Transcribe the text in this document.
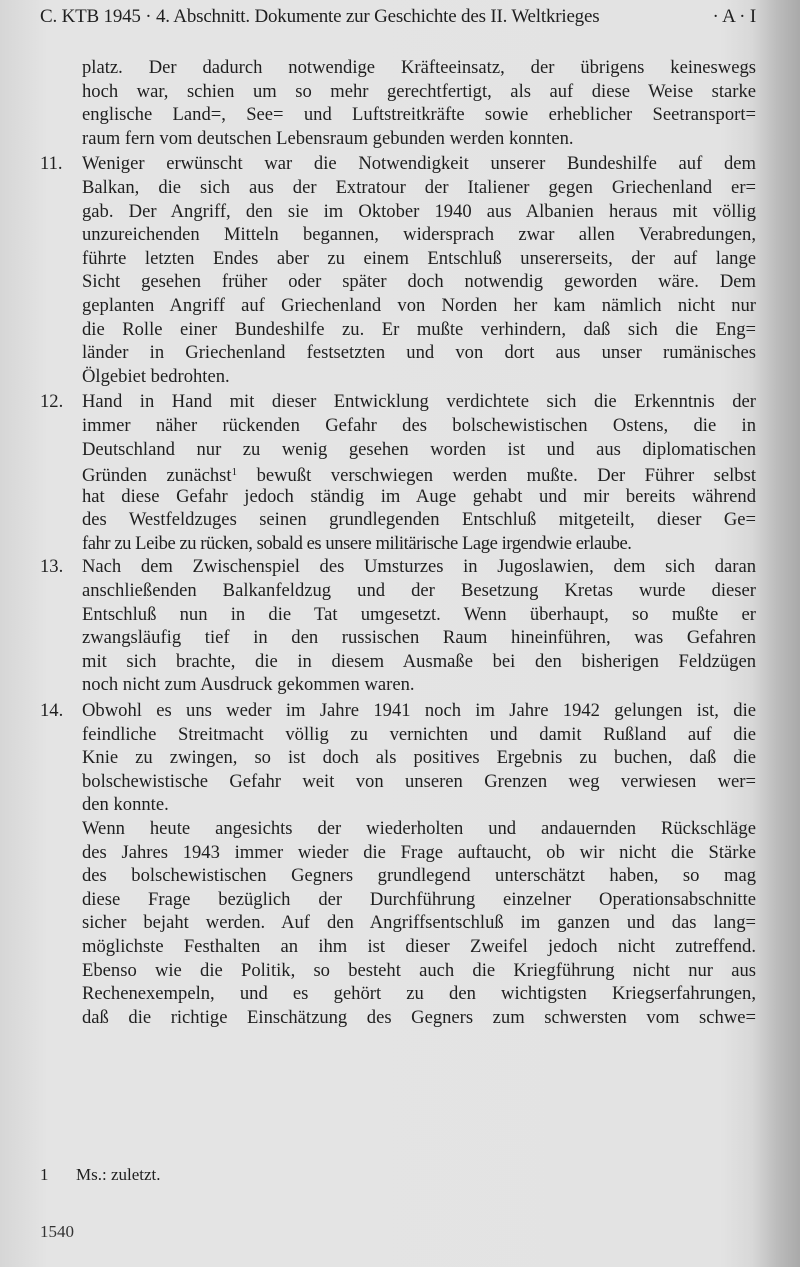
C. KTB 1945 · 4. Abschnitt. Dokumente zur Geschichte des II. Weltkrieges	· A · I
platz. Der dadurch notwendige Kräfteeinsatz, der übrigens keineswegs
hoch war, schien um so mehr gerechtfertigt, als auf diese Weise starke
englische Land=, See= und Luftstreitkräfte sowie erheblicher Seetransport=
raum fern vom deutschen Lebensraum gebunden werden konnten.
11. Weniger erwünscht war die Notwendigkeit unserer Bundeshilfe auf dem
Balkan, die sich aus der Extratour der Italiener gegen Griechenland er=
gab. Der Angriff, den sie im Oktober 1940 aus Albanien heraus mit völlig
unzureichenden Mitteln begannen, widersprach zwar allen Verabredungen,
führte letzten Endes aber zu einem Entschluß unsererseits, der auf lange
Sicht gesehen früher oder später doch notwendig geworden wäre. Dem
geplanten Angriff auf Griechenland von Norden her kam nämlich nicht nur
die Rolle einer Bundeshilfe zu. Er mußte verhindern, daß sich die Eng=
länder in Griechenland festsetzten und von dort aus unser rumänisches
Ölgebiet bedrohten.
12. Hand in Hand mit dieser Entwicklung verdichtete sich die Erkenntnis der
immer näher rückenden Gefahr des bolschewistischen Ostens, die in
Deutschland nur zu wenig gesehen worden ist und aus diplomatischen
Gründen zunächst$^1$ bewußt verschwiegen werden mußte. Der Führer selbst
hat diese Gefahr jedoch ständig im Auge gehabt und mir bereits während
des Westfeldzuges seinen grundlegenden Entschluß mitgeteilt, dieser Ge=
fahr zu Leibe zu rücken, sobald es unsere militärische Lage irgendwie erlaube.
13. Nach dem Zwischenspiel des Umsturzes in Jugoslawien, dem sich daran
anschließenden Balkanfeldzug und der Besetzung Kretas wurde dieser
Entschluß nun in die Tat umgesetzt. Wenn überhaupt, so mußte er
zwangsläufig tief in den russischen Raum hineinführen, was Gefahren
mit sich brachte, die in diesem Ausmaße bei den bisherigen Feldzügen
noch nicht zum Ausdruck gekommen waren.
14. Obwohl es uns weder im Jahre 1941 noch im Jahre 1942 gelungen ist, die
feindliche Streitmacht völlig zu vernichten und damit Rußland auf die
Knie zu zwingen, so ist doch als positives Ergebnis zu buchen, daß die
bolschewistische Gefahr weit von unseren Grenzen weg verwiesen wer=
den konnte.
Wenn heute angesichts der wiederholten und andauernden Rückschläge
des Jahres 1943 immer wieder die Frage auftaucht, ob wir nicht die Stärke
des bolschewistischen Gegners grundlegend unterschätzt haben, so mag
diese Frage bezüglich der Durchführung einzelner Operationsabschnitte
sicher bejaht werden. Auf den Angriffsentschluß im ganzen und das lang=
möglichste Festhalten an ihm ist dieser Zweifel jedoch nicht zutreffend.
Ebenso wie die Politik, so besteht auch die Kriegführung nicht nur aus
Rechenexempeln, und es gehört zu den wichtigsten Kriegserfahrungen,
daß die richtige Einschätzung des Gegners zum schwersten vom schwe=
1 Ms.: zuletzt.
1540
